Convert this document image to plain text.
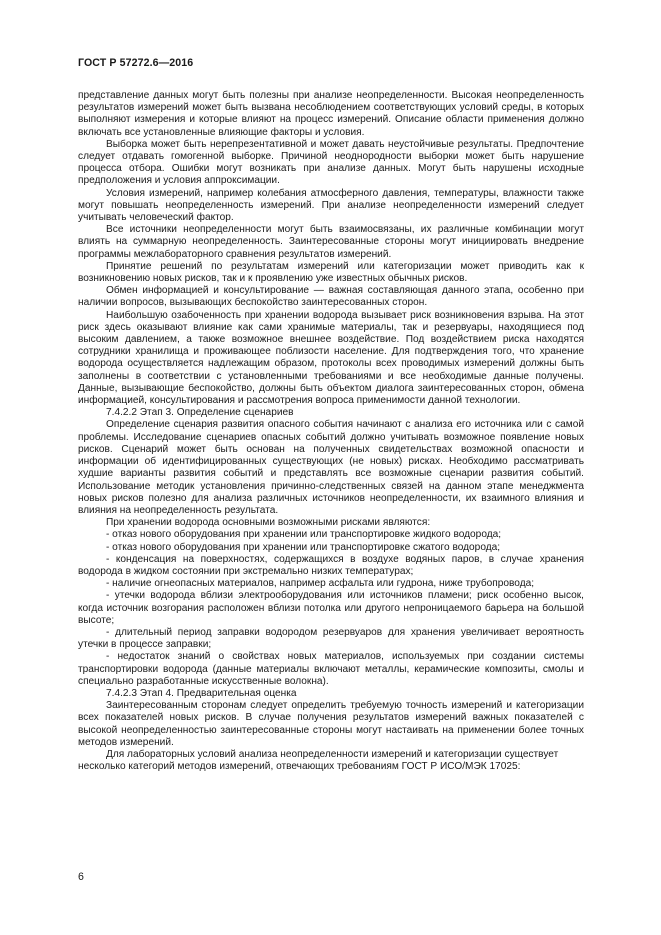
ГОСТ Р 57272.6—2016

представление данных могут быть полезны при анализе неопределенности. Высокая неопределенность результатов измерений может быть вызвана несоблюдением соответствующих условий среды, в которых выполняют измерения и которые влияют на процесс измерений. Описание области применения должно включать все установленные влияющие факторы и условия.

Выборка может быть нерепрезентативной и может давать неустойчивые результаты. Предпочтение следует отдавать гомогенной выборке. Причиной неоднородности выборки может быть нарушение процесса отбора. Ошибки могут возникать при анализе данных. Могут быть нарушены исходные предположения и условия аппроксимации.

Условия измерений, например колебания атмосферного давления, температуры, влажности также могут повышать неопределенность измерений. При анализе неопределенности измерений следует учитывать человеческий фактор.

Все источники неопределенности могут быть взаимосвязаны, их различные комбинации могут влиять на суммарную неопределенность. Заинтересованные стороны могут инициировать внедрение программы межлабораторного сравнения результатов измерений.

Принятие решений по результатам измерений или категоризации может приводить как к возникновению новых рисков, так и к проявлению уже известных обычных рисков.

Обмен информацией и консультирование — важная составляющая данного этапа, особенно при наличии вопросов, вызывающих беспокойство заинтересованных сторон.

Наибольшую озабоченность при хранении водорода вызывает риск возникновения взрыва. На этот риск здесь оказывают влияние как сами хранимые материалы, так и резервуары, находящиеся под высоким давлением, а также возможное внешнее воздействие. Под воздействием риска находятся сотрудники хранилища и проживающее поблизости население. Для подтверждения того, что хранение водорода осуществляется надлежащим образом, протоколы всех проводимых измерений должны быть заполнены в соответствии с установленными требованиями и все необходимые данные получены. Данные, вызывающие беспокойство, должны быть объектом диалога заинтересованных сторон, обмена информацией, консультирования и рассмотрения вопроса применимости данной технологии.

7.4.2.2 Этап 3. Определение сценариев

Определение сценария развития опасного события начинают с анализа его источника или с самой проблемы. Исследование сценариев опасных событий должно учитывать возможное появление новых рисков. Сценарий может быть основан на полученных свидетельствах возможной опасности и информации об идентифицированных существующих (не новых) рисках. Необходимо рассматривать худшие варианты развития событий и представлять все возможные сценарии развития событий. Использование методик установления причинно-следственных связей на данном этапе менеджмента новых рисков полезно для анализа различных источников неопределенности, их взаимного влияния и влияния на неопределенность результата.

При хранении водорода основными возможными рисками являются:

- отказ нового оборудования при хранении или транспортировке жидкого водорода;

- отказ нового оборудования при хранении или транспортировке сжатого водорода;

- конденсация на поверхностях, содержащихся в воздухе водяных паров, в случае хранения водорода в жидком состоянии при экстремально низких температурах;

- наличие огнеопасных материалов, например асфальта или гудрона, ниже трубопровода;

- утечки водорода вблизи электрооборудования или источников пламени; риск особенно высок, когда источник возгорания расположен вблизи потолка или другого непроницаемого барьера на большой высоте;

- длительный период заправки водородом резервуаров для хранения увеличивает вероятность утечки в процессе заправки;

- недостаток знаний о свойствах новых материалов, используемых при создании системы транспортировки водорода (данные материалы включают металлы, керамические композиты, смолы и специально разработанные искусственные волокна).

7.4.2.3 Этап 4. Предварительная оценка

Заинтересованным сторонам следует определить требуемую точность измерений и категоризации всех показателей новых рисков. В случае получения результатов измерений важных показателей с высокой неопределенностью заинтересованные стороны могут настаивать на применении более точных методов измерений.

Для лабораторных условий анализа неопределенности измерений и категоризации существует несколько категорий методов измерений, отвечающих требованиям ГОСТ Р ИСО/МЭК 17025:

6
